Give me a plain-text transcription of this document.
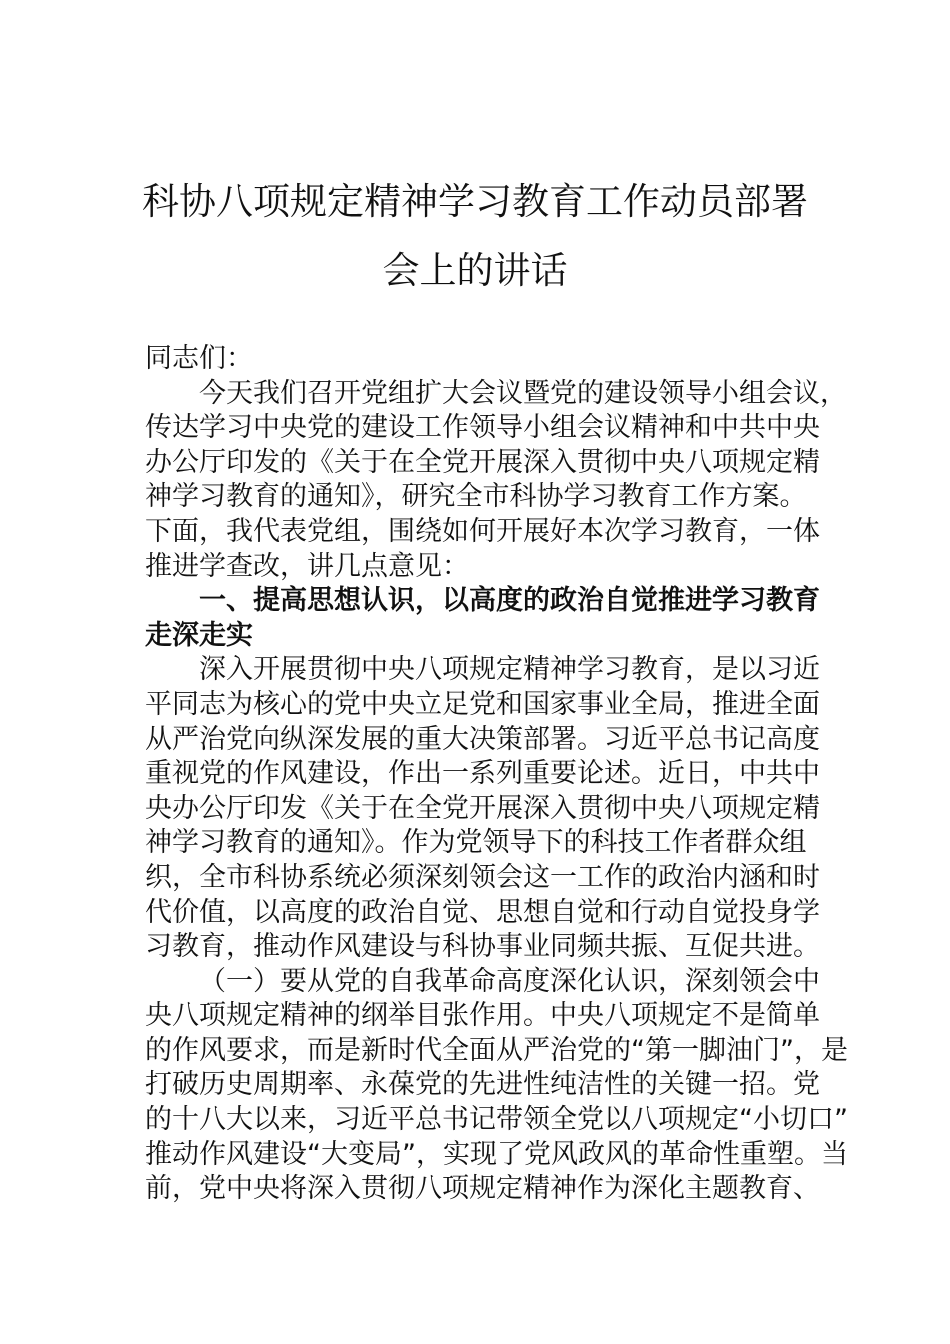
科协八项规定精神学习教育工作动员部署
会上的讲话
同志们：
今天我们召开党组扩大会议暨党的建设领导小组会议，
传达学习中央党的建设工作领导小组会议精神和中共中央
办公厅印发的《关于在全党开展深入贯彻中央八项规定精
神学习教育的通知》，研究全市科协学习教育工作方案。
下面，我代表党组，围绕如何开展好本次学习教育，一体
推进学查改，讲几点意见：
一、提高思想认识，以高度的政治自觉推进学习教育
走深走实
深入开展贯彻中央八项规定精神学习教育，是以习近
平同志为核心的党中央立足党和国家事业全局，推进全面
从严治党向纵深发展的重大决策部署。习近平总书记高度
重视党的作风建设，作出一系列重要论述。近日，中共中
央办公厅印发《关于在全党开展深入贯彻中央八项规定精
神学习教育的通知》。作为党领导下的科技工作者群众组
织，全市科协系统必须深刻领会这一工作的政治内涵和时
代价值，以高度的政治自觉、思想自觉和行动自觉投身学
习教育，推动作风建设与科协事业同频共振、互促共进。
（一）要从党的自我革命高度深化认识，深刻领会中
央八项规定精神的纲举目张作用。中央八项规定不是简单
的作风要求，而是新时代全面从严治党的“第一脚油门”，是
打破历史周期率、永葆党的先进性纯洁性的关键一招。党
的十八大以来，习近平总书记带领全党以八项规定“小切口”
推动作风建设“大变局”，实现了党风政风的革命性重塑。当
前，党中央将深入贯彻八项规定精神作为深化主题教育、
